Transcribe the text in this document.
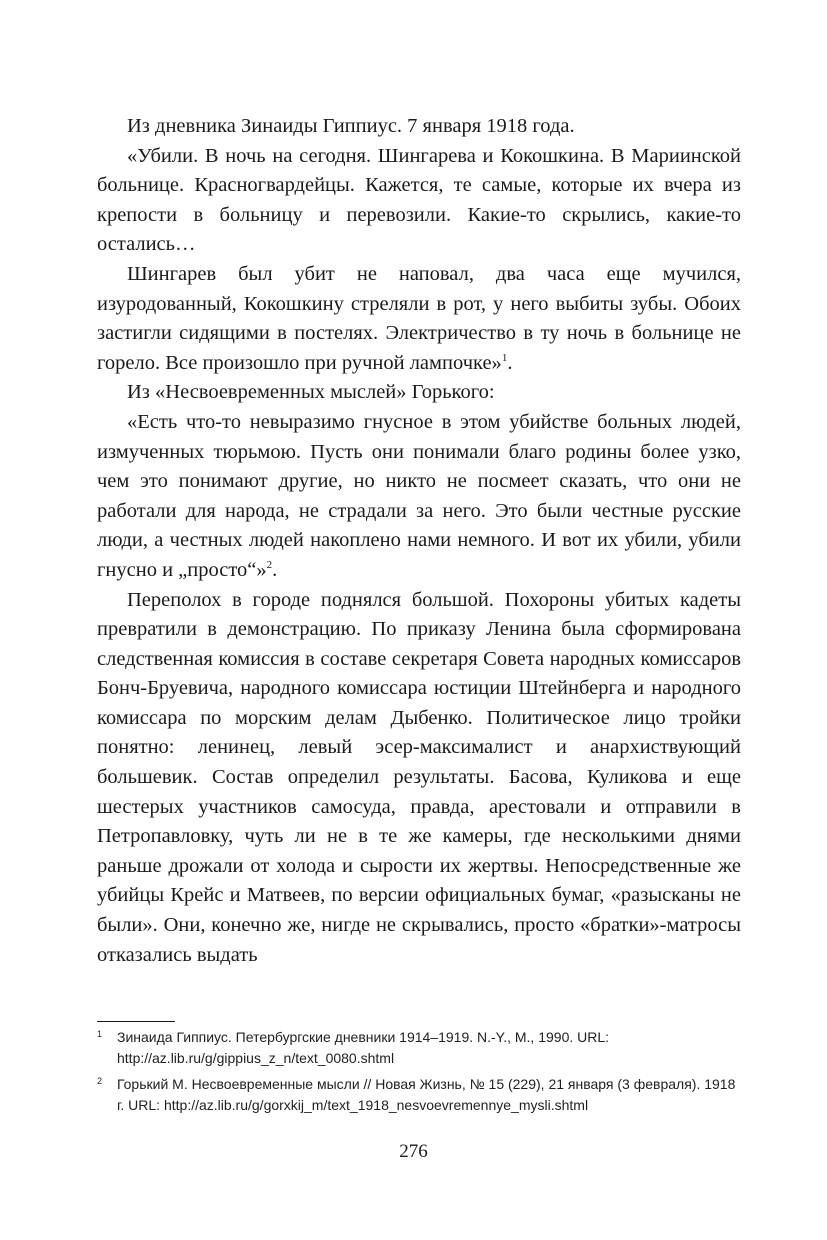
Из дневника Зинаиды Гиппиус. 7 января 1918 года.

«Убили. В ночь на сегодня. Шингарева и Кокошкина. В Мариинской больнице. Красногвардейцы. Кажется, те самые, которые их вчера из крепости в больницу и перевозили. Какие-то скрылись, какие-то остались…

Шингарев был убит не наповал, два часа еще мучился, изуродованный, Кокошкину стреляли в рот, у него выбиты зубы. Обоих застигли сидящими в постелях. Электричество в ту ночь в больнице не горело. Все произошло при ручной лампочке»$^1$.

Из «Несвоевременных мыслей» Горького:

«Есть что-то невыразимо гнусное в этом убийстве больных людей, измученных тюрьмою. Пусть они понимали благо родины более узко, чем это понимают другие, но никто не посмеет сказать, что они не работали для народа, не страдали за него. Это были честные русские люди, а честных людей накоплено нами немного. И вот их убили, убили гнусно и „просто“»$^2$.

Переполох в городе поднялся большой. Похороны убитых кадеты превратили в демонстрацию. По приказу Ленина была сформирована следственная комиссия в составе секретаря Совета народных комиссаров Бонч-Бруевича, народного комиссара юстиции Штейнберга и народного комиссара по морским делам Дыбенко. Политическое лицо тройки понятно: ленинец, левый эсер-максималист и анархиствующий большевик. Состав определил результаты. Басова, Куликова и еще шестерых участников самосуда, правда, арестовали и отправили в Петропавловку, чуть ли не в те же камеры, где несколькими днями раньше дрожали от холода и сырости их жертвы. Непосредственные же убийцы Крейс и Матвеев, по версии официальных бумаг, «разысканы не были». Они, конечно же, нигде не скрывались, просто «братки»-матросы отказались выдать

1 Зинаида Гиппиус. Петербургские дневники 1914–1919. N.-Y., M., 1990. URL: http://az.lib.ru/g/gippius_z_n/text_0080.shtml
2 Горький М. Несвоевременные мысли // Новая Жизнь, № 15 (229), 21 января (3 февраля). 1918 г. URL: http://az.lib.ru/g/gorxkij_m/text_1918_nesvoevremennye_mysli.shtml
276
